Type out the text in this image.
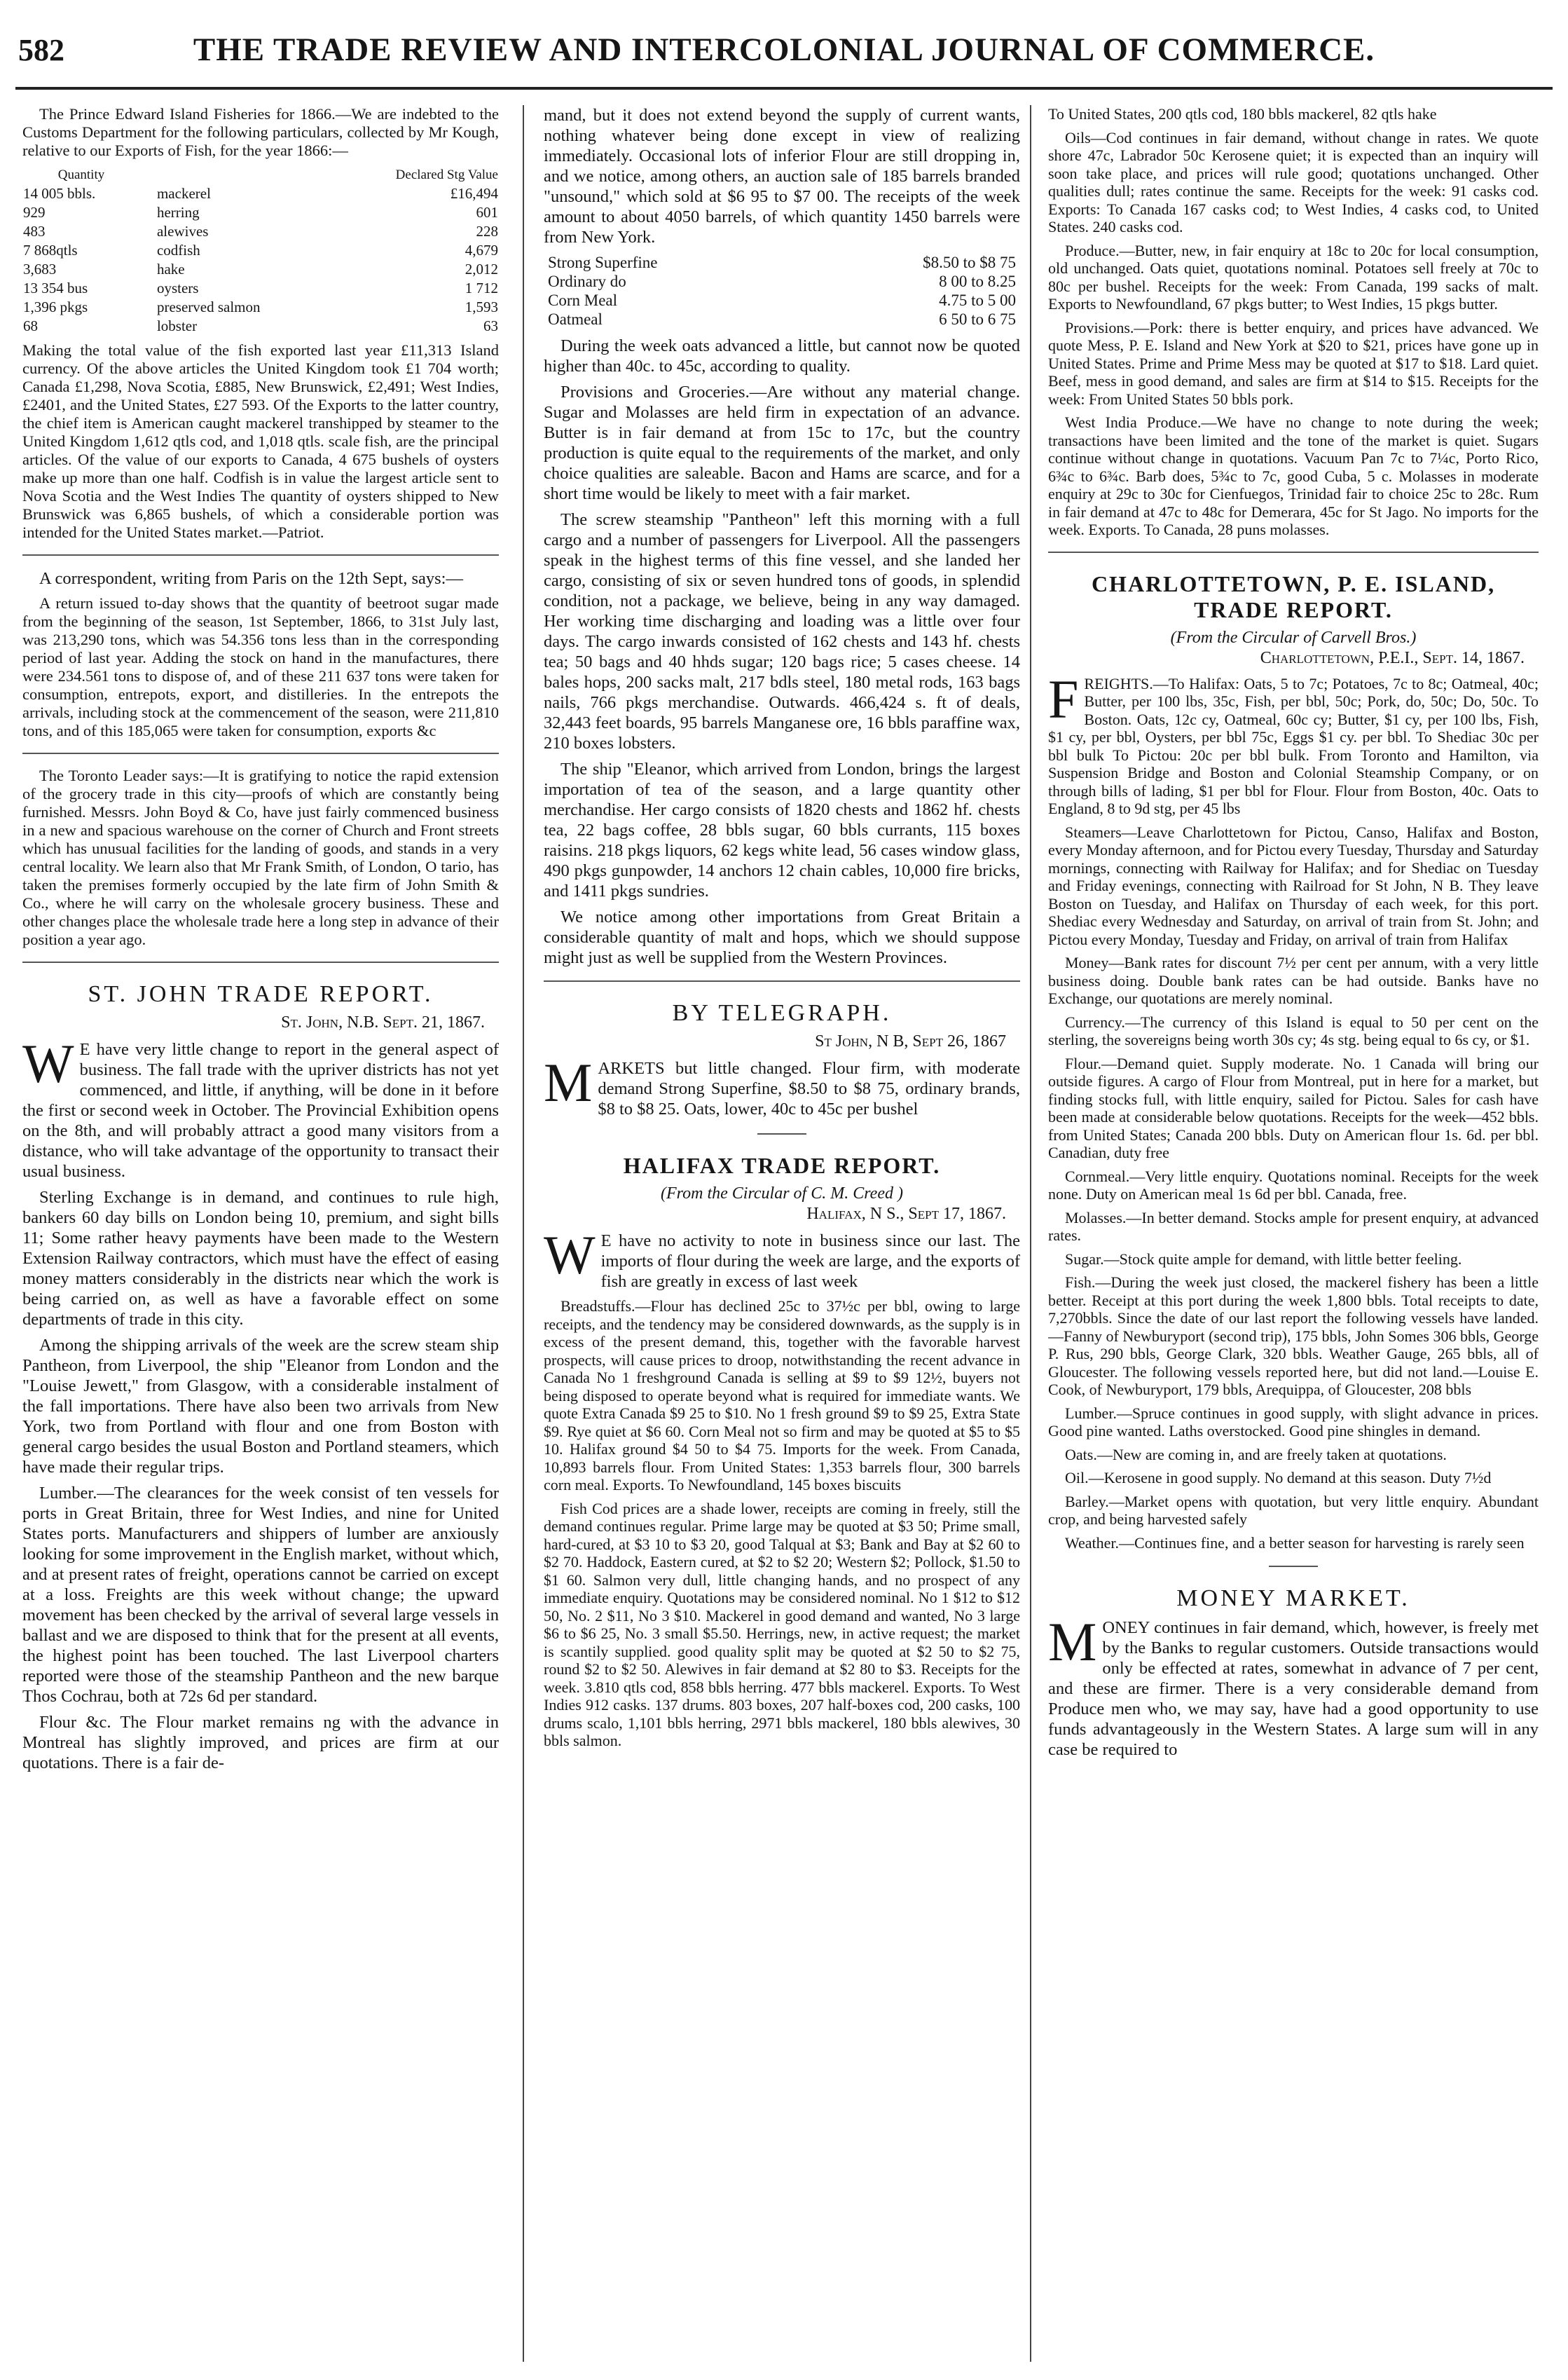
582	THE TRADE REVIEW AND INTERCOLONIAL JOURNAL OF COMMERCE.

The Prince Edward Island Fisheries for 1866.—We are indebted to the Customs Department for the following particulars, collected by Mr Kough, relative to our Exports of Fish, for the year 1866:—

Quantity		Declared Stg Value
14 005 bbls.	mackerel	£16,494
929	herring	601
483	alewives	228
7 868qtls	codfish	4,679
3,683	hake	2,012
13 354 bus	oysters	1 712
1,396 pkgs	preserved salmon	1,593
68	lobster	63

Making the total value of the fish exported last year £11,313 Island currency. Of the above articles the United Kingdom took £1 704 worth; Canada £1,298, Nova Scotia, £885, New Brunswick, £2,491; West Indies, £2401, and the United States, £27 593. Of the Exports to the latter country, the chief item is American caught mackerel transhipped by steamer to the United Kingdom 1,612 qtls cod, and 1,018 qtls. scale fish, are the principal articles. Of the value of our exports to Canada, 4 675 bushels of oysters make up more than one half. Codfish is in value the largest article sent to Nova Scotia and the West Indies The quantity of oysters shipped to New Brunswick was 6,865 bushels, of which a considerable portion was intended for the United States market.—Patriot.

A correspondent, writing from Paris on the 12th Sept, says:—

A return issued to-day shows that the quantity of beetroot sugar made from the beginning of the season, 1st September, 1866, to 31st July last, was 213,290 tons, which was 54.356 tons less than in the corresponding period of last year. Adding the stock on hand in the manufactures, there were 234.561 tons to dispose of, and of these 211 637 tons were taken for consumption, entrepots, export, and distilleries. In the entrepots the arrivals, including stock at the commencement of the season, were 211,810 tons, and of this 185,065 were taken for consumption, exports &c

The Toronto Leader says:—It is gratifying to notice the rapid extension of the grocery trade in this city—proofs of which are constantly being furnished. Messrs. John Boyd & Co, have just fairly commenced business in a new and spacious warehouse on the corner of Church and Front streets which has unusual facilities for the landing of goods, and stands in a very central locality. We learn also that Mr Frank Smith, of London, O tario, has taken the premises formerly occupied by the late firm of John Smith & Co., where he will carry on the wholesale grocery business. These and other changes place the wholesale trade here a long step in advance of their position a year ago.

ST. JOHN TRADE REPORT.
St. John, N.B. Sept. 21, 1867.

W E have very little change to report in the general aspect of business. The fall trade with the upriver districts has not yet commenced, and little, if anything, will be done in it before the first or second week in October. The Provincial Exhibition opens on the 8th, and will probably attract a good many visitors from a distance, who will take advantage of the opportunity to transact their usual business.

Sterling Exchange is in demand, and continues to rule high, bankers 60 day bills on London being 10, premium, and sight bills 11; Some rather heavy payments have been made to the Western Extension Railway contractors, which must have the effect of easing money matters considerably in the districts near which the work is being carried on, as well as have a favorable effect on some departments of trade in this city.

Among the shipping arrivals of the week are the screw steam ship Pantheon, from Liverpool, the ship "Eleanor from London and the "Louise Jewett," from Glasgow, with a considerable instalment of the fall importations. There have also been two arrivals from New York, two from Portland with flour and one from Boston with general cargo besides the usual Boston and Portland steamers, which have made their regular trips.

Lumber.—The clearances for the week consist of ten vessels for ports in Great Britain, three for West Indies, and nine for United States ports. Manufacturers and shippers of lumber are anxiously looking for some improvement in the English market, without which, and at present rates of freight, operations cannot be carried on except at a loss. Freights are this week without change; the upward movement has been checked by the arrival of several large vessels in ballast and we are disposed to think that for the present at all events, the highest point has been touched. The last Liverpool charters reported were those of the steamship Pantheon and the new barque Thos Cochrau, both at 72s 6d per standard.

Flour &c. The Flour market remains ng with the advance in Montreal has slightly improved, and prices are firm at our quotations. There is a fair de-

mand, but it does not extend beyond the supply of current wants, nothing whatever being done except in view of realizing immediately. Occasional lots of inferior Flour are still dropping in, and we notice, among others, an auction sale of 185 barrels branded "unsound," which sold at $6 95 to $7 00. The receipts of the week amount to about 4050 barrels, of which quantity 1450 barrels were from New York.

Strong Superfine	$8.50 to $8 75
Ordinary do	8 00 to 8.25
Corn Meal	4.75 to 5 00
Oatmeal	6 50 to 6 75

During the week oats advanced a little, but cannot now be quoted higher than 40c. to 45c, according to quality.

Provisions and Groceries.—Are without any material change. Sugar and Molasses are held firm in expectation of an advance. Butter is in fair demand at from 15c to 17c, but the country production is quite equal to the requirements of the market, and only choice qualities are saleable. Bacon and Hams are scarce, and for a short time would be likely to meet with a fair market.

The screw steamship "Pantheon" left this morning with a full cargo and a number of passengers for Liverpool. All the passengers speak in the highest terms of this fine vessel, and she landed her cargo, consisting of six or seven hundred tons of goods, in splendid condition, not a package, we believe, being in any way damaged. Her working time discharging and loading was a little over four days. The cargo inwards consisted of 162 chests and 143 hf. chests tea; 50 bags and 40 hhds sugar; 120 bags rice; 5 cases cheese. 14 bales hops, 200 sacks malt, 217 bdls steel, 180 metal rods, 163 bags nails, 766 pkgs merchandise. Outwards. 466,424 s. ft of deals, 32,443 feet boards, 95 barrels Manganese ore, 16 bbls paraffine wax, 210 boxes lobsters.

The ship "Eleanor, which arrived from London, brings the largest importation of tea of the season, and a large quantity other merchandise. Her cargo consists of 1820 chests and 1862 hf. chests tea, 22 bags coffee, 28 bbls sugar, 60 bbls currants, 115 boxes raisins. 218 pkgs liquors, 62 kegs white lead, 56 cases window glass, 490 pkgs gunpowder, 14 anchors 12 chain cables, 10,000 fire bricks, and 1411 pkgs sundries.

We notice among other importations from Great Britain a considerable quantity of malt and hops, which we should suppose might just as well be supplied from the Western Provinces.

BY TELEGRAPH.
St John, N B, Sept 26, 1867

MARKETS but little changed. Flour firm, with moderate demand Strong Superfine, $8.50 to $8 75, ordinary brands, $8 to $8 25. Oats, lower, 40c to 45c per bushel

HALIFAX TRADE REPORT.
(From the Circular of C. M. Creed )
Halifax, N S., Sept 17, 1867.

W E have no activity to note in business since our last. The imports of flour during the week are large, and the exports of fish are greatly in excess of last week

Breadstuffs.—Flour has declined 25c to 37½c per bbl, owing to large receipts, and the tendency may be considered downwards, as the supply is in excess of the present demand, this, together with the favorable harvest prospects, will cause prices to droop, notwithstanding the recent advance in Canada No 1 freshground Canada is selling at $9 to $9 12½, buyers not being disposed to operate beyond what is required for immediate wants. We quote Extra Canada $9 25 to $10. No 1 fresh ground $9 to $9 25, Extra State $9. Rye quiet at $6 60. Corn Meal not so firm and may be quoted at $5 to $5 10. Halifax ground $4 50 to $4 75. Imports for the week. From Canada, 10,893 barrels flour. From United States: 1,353 barrels flour, 300 barrels corn meal. Exports. To Newfoundland, 145 boxes biscuits

Fish Cod prices are a shade lower, receipts are coming in freely, still the demand continues regular. Prime large may be quoted at $3 50; Prime small, hard-cured, at $3 10 to $3 20, good Talqual at $3; Bank and Bay at $2 60 to $2 70. Haddock, Eastern cured, at $2 to $2 20; Western $2; Pollock, $1.50 to $1 60. Salmon very dull, little changing hands, and no prospect of any immediate enquiry. Quotations may be considered nominal. No 1 $12 to $12 50, No. 2 $11, No 3 $10. Mackerel in good demand and wanted, No 3 large $6 to $6 25, No. 3 small $5.50. Herrings, new, in active request; the market is scantily supplied. good quality split may be quoted at $2 50 to $2 75, round $2 to $2 50. Alewives in fair demand at $2 80 to $3. Receipts for the week. 3.810 qtls cod, 858 bbls herring. 477 bbls mackerel. Exports. To West Indies 912 casks. 137 drums. 803 boxes, 207 half-boxes cod, 200 casks, 100 drums scalo, 1,101 bbls herring, 2971 bbls mackerel, 180 bbls alewives, 30 bbls salmon.

To United States, 200 qtls cod, 180 bbls mackerel, 82 qtls hake

Oils—Cod continues in fair demand, without change in rates. We quote shore 47c, Labrador 50c Kerosene quiet; it is expected than an inquiry will soon take place, and prices will rule good; quotations unchanged. Other qualities dull; rates continue the same. Receipts for the week: 91 casks cod. Exports: To Canada 167 casks cod; to West Indies, 4 casks cod, to United States. 240 casks cod.

Produce.—Butter, new, in fair enquiry at 18c to 20c for local consumption, old unchanged. Oats quiet, quotations nominal. Potatoes sell freely at 70c to 80c per bushel. Receipts for the week: From Canada, 199 sacks of malt. Exports to Newfoundland, 67 pkgs butter; to West Indies, 15 pkgs butter.

Provisions.—Pork: there is better enquiry, and prices have advanced. We quote Mess, P. E. Island and New York at $20 to $21, prices have gone up in United States. Prime and Prime Mess may be quoted at $17 to $18. Lard quiet. Beef, mess in good demand, and sales are firm at $14 to $15. Receipts for the week: From United States 50 bbls pork.

West India Produce.—We have no change to note during the week; transactions have been limited and the tone of the market is quiet. Sugars continue without change in quotations. Vacuum Pan 7c to 7¼c, Porto Rico, 6¾c to 6¾c. Barb does, 5¾c to 7c, good Cuba, 5 c. Molasses in moderate enquiry at 29c to 30c for Cienfuegos, Trinidad fair to choice 25c to 28c. Rum in fair demand at 47c to 48c for Demerara, 45c for St Jago. No imports for the week. Exports. To Canada, 28 puns molasses.

CHARLOTTETOWN, P. E. ISLAND, TRADE REPORT.
(From the Circular of Carvell Bros.)
Charlottetown, P.E.I., Sept. 14, 1867.

FREIGHTS.—To Halifax: Oats, 5 to 7c; Potatoes, 7c to 8c; Oatmeal, 40c; Butter, per 100 lbs, 35c, Fish, per bbl, 50c; Pork, do, 50c; Do, 50c. To Boston. Oats, 12c cy, Oatmeal, 60c cy; Butter, $1 cy, per 100 lbs, Fish, $1 cy, per bbl, Oysters, per bbl 75c, Eggs $1 cy. per bbl. To Shediac 30c per bbl bulk To Pictou: 20c per bbl bulk. From Toronto and Hamilton, via Suspension Bridge and Boston and Colonial Steamship Company, or on through bills of lading, $1 per bbl for Flour. Flour from Boston, 40c. Oats to England, 8 to 9d stg, per 45 lbs

Steamers—Leave Charlottetown for Pictou, Canso, Halifax and Boston, every Monday afternoon, and for Pictou every Tuesday, Thursday and Saturday mornings, connecting with Railway for Halifax; and for Shediac on Tuesday and Friday evenings, connecting with Railroad for St John, N B. They leave Boston on Tuesday, and Halifax on Thursday of each week, for this port. Shediac every Wednesday and Saturday, on arrival of train from St. John; and Pictou every Monday, Tuesday and Friday, on arrival of train from Halifax

Money—Bank rates for discount 7½ per cent per annum, with a very little business doing. Double bank rates can be had outside. Banks have no Exchange, our quotations are merely nominal.

Currency.—The currency of this Island is equal to 50 per cent on the sterling, the sovereigns being worth 30s cy; 4s stg. being equal to 6s cy, or $1.

Flour.—Demand quiet. Supply moderate. No. 1 Canada will bring our outside figures. A cargo of Flour from Montreal, put in here for a market, but finding stocks full, with little enquiry, sailed for Pictou. Sales for cash have been made at considerable below quotations. Receipts for the week—452 bbls. from United States; Canada 200 bbls. Duty on American flour 1s. 6d. per bbl. Canadian, duty free

Cornmeal.—Very little enquiry. Quotations nominal. Receipts for the week none. Duty on American meal 1s 6d per bbl. Canada, free.

Molasses.—In better demand. Stocks ample for present enquiry, at advanced rates.

Sugar.—Stock quite ample for demand, with little better feeling.

Fish.—During the week just closed, the mackerel fishery has been a little better. Receipt at this port during the week 1,800 bbls. Total receipts to date, 7,270bbls. Since the date of our last report the following vessels have landed.—Fanny of Newburyport (second trip), 175 bbls, John Somes 306 bbls, George P. Rus, 290 bbls, George Clark, 320 bbls. Weather Gauge, 265 bbls, all of Gloucester. The following vessels reported here, but did not land.—Louise E. Cook, of Newburyport, 179 bbls, Arequippa, of Gloucester, 208 bbls

Lumber.—Spruce continues in good supply, with slight advance in prices. Good pine wanted. Laths overstocked. Good pine shingles in demand.

Oats.—New are coming in, and are freely taken at quotations.

Oil.—Kerosene in good supply. No demand at this season. Duty 7½d

Barley.—Market opens with quotation, but very little enquiry. Abundant crop, and being harvested safely

Weather.—Continues fine, and a better season for harvesting is rarely seen

MONEY MARKET.

MONEY continues in fair demand, which, however, is freely met by the Banks to regular customers. Outside transactions would only be effected at rates, somewhat in advance of 7 per cent, and these are firmer. There is a very considerable demand from Produce men who, we may say, have had a good opportunity to use funds advantageously in the Western States. A large sum will in any case be required to
